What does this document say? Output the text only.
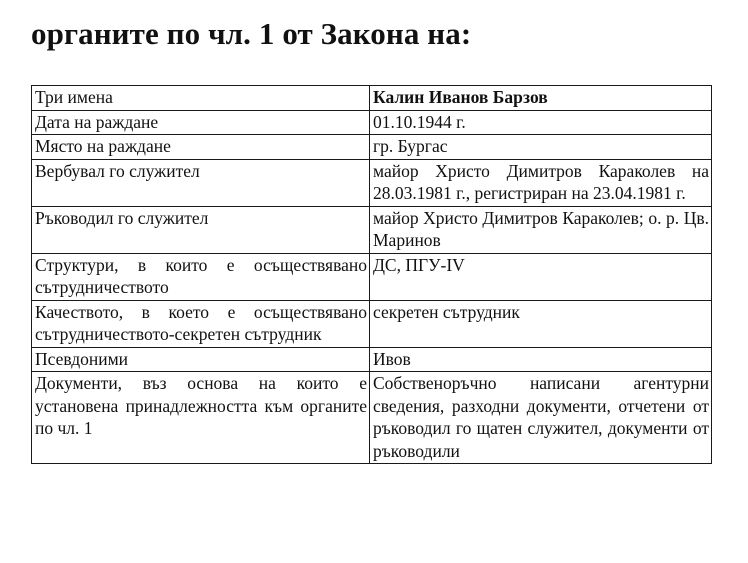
органите по чл. 1 от Закона на:
Три имена	Калин Иванов Барзов
Дата на раждане	01.10.1944 г.
Място на раждане	гр. Бургас
Вербувал го служител	майор Христо Димитров Караколев на 28.03.1981 г., регистриран на 23.04.1981 г.
Ръководил го служител	майор Христо Димитров Караколев; о. р. Цв. Маринов
Структури, в които е осъществявано сътрудничеството	ДС, ПГУ-IV
Качеството, в което е осъществявано сътрудничеството-секретен сътрудник	секретен сътрудник
Псевдоними	Ивов
Документи, въз основа на които е установена принадлежността към органите по чл. 1	Собственоръчно написани агентурни сведения, разходни документи, отчетени от ръководил го щатен служител, документи от ръководили
